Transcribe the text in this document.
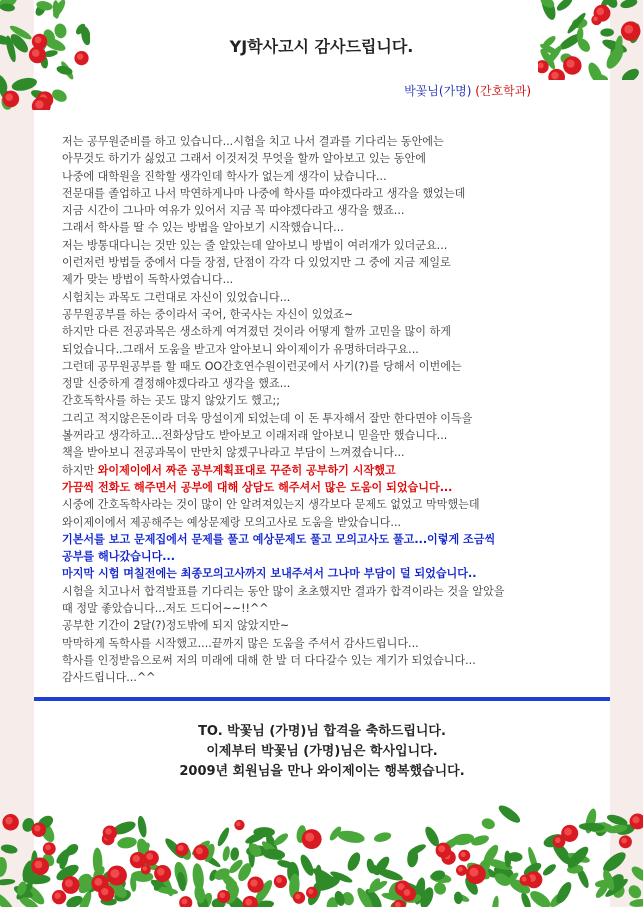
YJ학사고시 감사드립니다.
박꽃님(가명) (간호학과)
저는 공무원준비를 하고 있습니다...시험을 치고 나서 결과를 기다리는 동안에는
아무것도 하기가 싫었고 그래서 이것저것 무엇을 할까 알아보고 있는 동안에
나중에 대학원을 진학할 생각인데 학사가 없는게 생각이 났습니다...
전문대를 졸업하고 나서 막연하게나마 나중에 학사를 따야겠다라고 생각을 했었는데
지금 시간이 그나마 여유가 있어서 지금 꼭 따야겠다라고 생각을 했죠...
그래서 학사를 딸 수 있는 방법을 알아보기 시작했습니다...
저는 방통대다니는 것만 있는 줄 알았는데 알아보니 방법이 여러개가 있더군요...
이런저런 방법들 중에서 다들 장점, 단점이 각각 다 있었지만 그 중에 지금 제일로
제가 맞는 방법이 독학사였습니다...
시험치는 과목도 그런대로 자신이 있었습니다...
공무원공부를 하는 중이라서 국어, 한국사는 자신이 있었죠~
하지만 다른 전공과목은 생소하게 여겨졌던 것이라 어떻게 할까 고민을 많이 하게
되었습니다..그래서 도움을 받고자 알아보니 와이제이가 유명하더라구요...
그런데 공무원공부를 할 때도 OO간호연수원이런곳에서 사기(?)를 당해서 이번에는
정말 신중하게 결정해야겠다라고 생각을 했죠...
간호독학사를 하는 곳도 많지 않았기도 했고;;
그리고 적지않은돈이라 더욱 망설이게 되었는데 이 돈 투자해서 잘만 한다면야 이득을
볼꺼라고 생각하고...전화상담도 받아보고 이래저래 알아보니 믿을만 했습니다...
책을 받아보니 전공과목이 만만치 않겠구나라고 부담이 느껴졌습니다...
하지만 와이제이에서 짜준 공부계획표대로 꾸준히 공부하기 시작했고
가끔씩 전화도 해주면서 공부에 대해 상담도 해주셔서 많은 도움이 되었습니다...
시중에 간호독학사라는 것이 많이 안 알려져있는지 생각보다 문제도 없었고 막막했는데
와이제이에서 제공해주는 예상문제랑 모의고사로 도움을 받았습니다...
기본서를 보고 문제집에서 문제를 풀고 예상문제도 풀고 모의고사도 풀고...이렇게 조금씩
공부를 해나갔습니다...
마지막 시험 며칠전에는 최종모의고사까지 보내주셔서 그나마 부담이 덜 되었습니다..
시험을 치고나서 합격발표를 기다리는 동안 많이 초초했지만 결과가 합격이라는 것을 알았을
때 정말 좋았습니다...저도 드디어~~!!^^
공부한 기간이 2달(?)정도밖에 되지 않았지만~
막막하게 독학사를 시작했고....끝까지 많은 도움을 주셔서 감사드립니다...
학사를 인정받음으로써 저의 미래에 대해 한 발 더 다다갈수 있는 계기가 되었습니다...
감사드립니다...^^
TO. 박꽃님 (가명)님 합격을 축하드립니다.
이제부터 박꽃님 (가명)님은 학사입니다.
2009년 회원님을 만나 와이제이는 행복했습니다.
